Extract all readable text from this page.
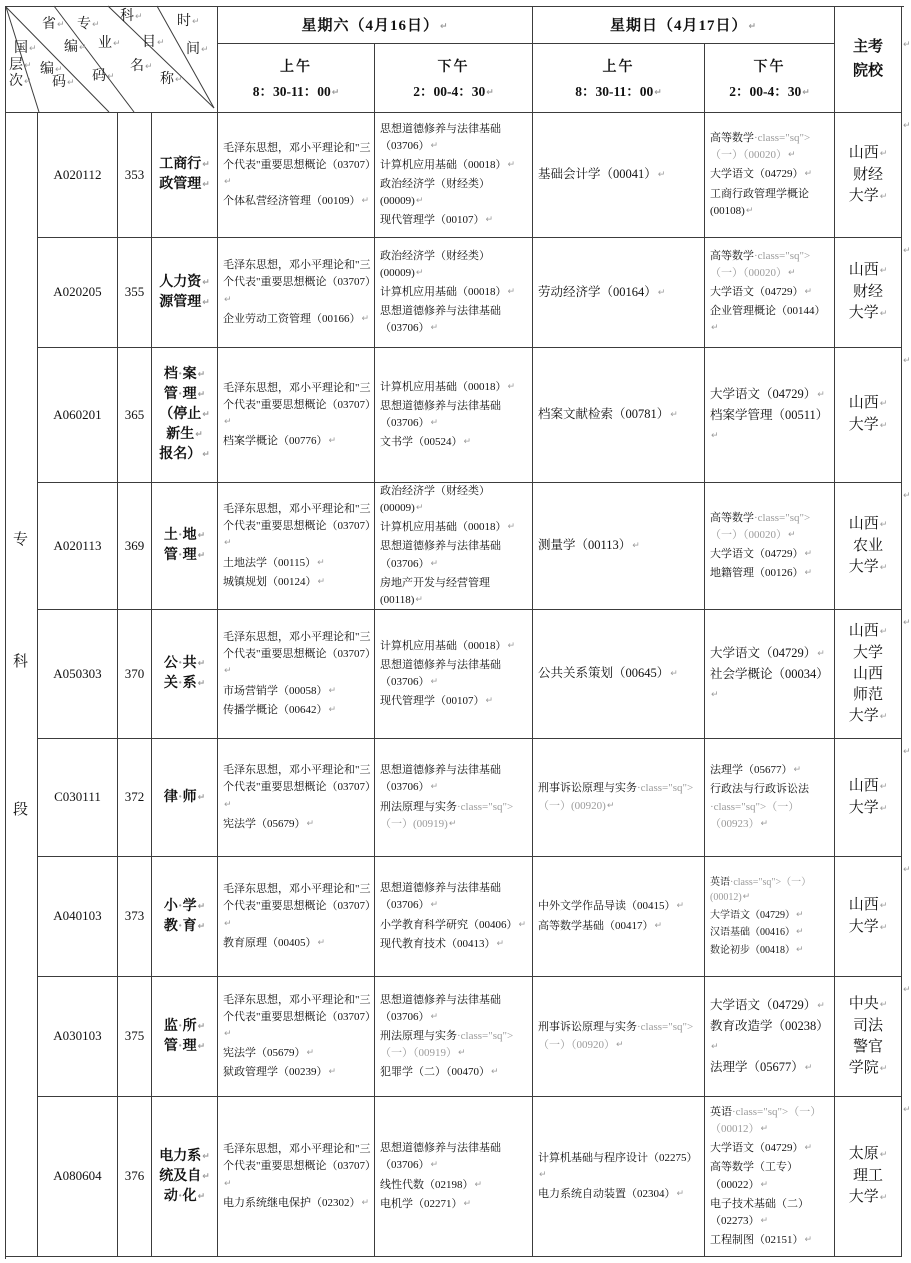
层↵
次↵
国↵
编↵
码↵
省↵
编↵
码↵
专↵
业↵
名↵
称↵
科↵
目↵
时↵
间↵
星期六（4月16日）↵	星期日（4月17日）↵
主考
院校
上午
8：30-11：00↵
下午
2：00-4：30↵
上午
8：30-11：00↵
下午
2：00-4：30↵
专
科
段
A020112 353
工商行↵
政管理↵
毛泽东思想，邓小平理论和"三个代表"重要思想概论（03707）↵
个体私营经济管理（00109）↵
思想道德修养与法律基础（03706）↵
计算机应用基础（00018）↵
政治经济学（财经类）(00009)↵
现代管理学（00107）↵
基础会计学（00041）↵
高等数学·class="sq">（一）（00020）↵
大学语文（04729）↵
工商行政管理学概论(00108)↵
山西↵
财经
大学↵
A020205 355
人力资↵
源管理↵
毛泽东思想，邓小平理论和"三个代表"重要思想概论（03707）↵
企业劳动工资管理（00166）↵
政治经济学（财经类）(00009)↵
计算机应用基础（00018）↵
思想道德修养与法律基础（03706）↵
劳动经济学（00164）↵
高等数学·class="sq">（一）（00020）↵
大学语文（04729）↵
企业管理概论（00144）↵
山西↵
财经
大学↵
A060201 365
档·案↵
管·理↵
（停止↵
新生↵
报名）↵
毛泽东思想，邓小平理论和"三个代表"重要思想概论（03707）↵
档案学概论（00776）↵
计算机应用基础（00018）↵
思想道德修养与法律基础（03706）↵
文书学（00524）↵
档案文献检索（00781）↵
大学语文（04729）↵
档案学管理（00511）↵
山西↵
大学↵
A020113 369
土·地↵
管·理↵
毛泽东思想，邓小平理论和"三个代表"重要思想概论（03707）↵
土地法学（00115）↵
城镇规划（00124）↵
政治经济学（财经类）(00009)↵
计算机应用基础（00018）↵
思想道德修养与法律基础（03706）↵
房地产开发与经营管理(00118)↵
测量学（00113）↵
高等数学·class="sq">（一）（00020）↵
大学语文（04729）↵
地籍管理（00126）↵
山西↵
农业
大学↵
A050303 370
公·共↵
关·系↵
毛泽东思想，邓小平理论和"三个代表"重要思想概论（03707）↵
市场营销学（00058）↵
传播学概论（00642）↵
计算机应用基础（00018）↵
思想道德修养与法律基础（03706）↵
现代管理学（00107）↵
公共关系策划（00645）↵
大学语文（04729）↵
社会学概论（00034）↵
山西↵
大学
山西
师范
大学↵
C030111 372 律·师↵
毛泽东思想，邓小平理论和"三个代表"重要思想概论（03707）↵
宪法学（05679）↵
思想道德修养与法律基础（03706）↵
刑法原理与实务·class="sq">（一）(00919)↵
刑事诉讼原理与实务·class="sq">（一）(00920)↵
法理学（05677）↵
行政法与行政诉讼法·class="sq">（一）（00923）↵
山西↵
大学↵
A040103 373
小·学↵
教·育↵
毛泽东思想，邓小平理论和"三个代表"重要思想概论（03707）↵
教育原理（00405）↵
思想道德修养与法律基础（03706）↵
小学教育科学研究（00406）↵
现代教育技术（00413）↵
中外文学作品导读（00415）↵
高等数学基础（00417）↵
英语·class="sq">（一）(00012)↵
大学语文（04729）↵
汉语基础（00416）↵
数论初步（00418）↵
山西↵
大学↵
A030103 375
监·所↵
管·理↵
毛泽东思想，邓小平理论和"三个代表"重要思想概论（03707）↵
宪法学（05679）↵
狱政管理学（00239）↵
思想道德修养与法律基础（03706）↵
刑法原理与实务·class="sq">（一）（00919）↵
犯罪学（二）（00470）↵
刑事诉讼原理与实务·class="sq">（一）（00920）↵
大学语文（04729）↵
教育改造学（00238）↵
法理学（05677）↵
中央↵
司法
警官
学院↵
A080604 376
电力系↵
统及自↵
动·化↵
毛泽东思想，邓小平理论和"三个代表"重要思想概论（03707）↵
电力系统继电保护（02302）↵
思想道德修养与法律基础（03706）↵
线性代数（02198）↵
电机学（02271）↵
计算机基础与程序设计（02275）↵
电力系统自动装置（02304）↵
英语·class="sq">（一）（00012）↵
大学语文（04729）↵
高等数学（工专）（00022）↵
电子技术基础（二）（02273）↵
工程制图（02151）↵
太原↵
理工
大学↵
↵
↵
↵
↵
↵
↵
↵
↵
↵
↵
